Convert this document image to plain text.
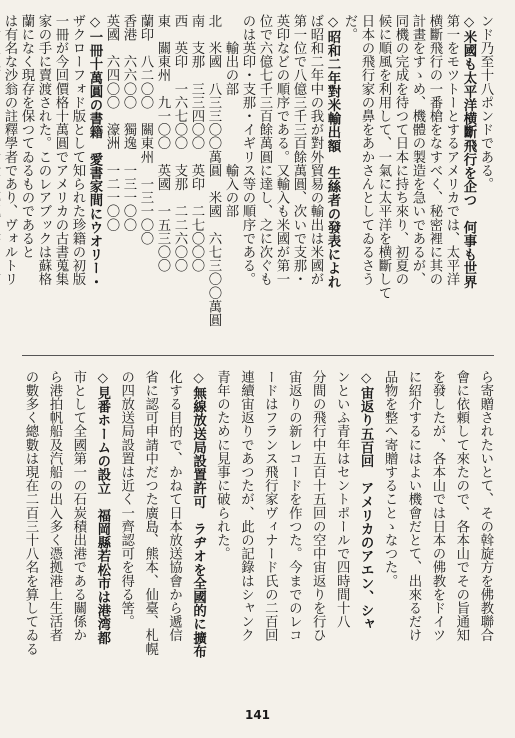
ンド乃至十八ポンドである。
◇米國も太平洋横斷飛行を企つ　何事も世界
第一をモツトーとするアメリカでは、太平洋
横斷飛行の一番槍をなすべく、秘密裡に其の
計畫をすゝめ、機體の製造を急いであるが、
同機の完成を待つて日本に持ち來り、初夏の
候に順風を利用して、一氣に太平洋を横斷して
日本の飛行家の鼻をあかさんとしてゐるさう
だ。
◇昭和二年對米輸出額　生絲者の發表によれ
ば昭和二年中の我が對外貿易の輸出は米國が
第一位で八億三千三百餘萬圓、次いで支那・
英印などの順序である。又輸入も米國が第一
位で六億七千三百餘萬圓に達し、之に次ぐも
のは英印・支那・イギリス等の順序である。
　　輸出の部　　　　　輸入の部
北　米國　八三三〇〇萬圓　米國　六七三〇〇萬圓
南　支那　三三四〇〇　英印　二七〇〇〇
西　英印　一六七〇〇　支那　二二六〇〇
東　關東州　九一〇〇　英國　一五三〇〇
蘭印　八二〇〇　關東州　一三一〇〇
香港　六六〇〇　獨逸　一三一〇〇
英國　六四〇〇　濠洲　一二一〇〇
◇一冊十萬圓の書籍　愛書家間にウオリー・
ザクローフォド版として知られた珍籍の初版
一冊が今回價格十萬圓でアメリカの古書蒐集
家の手に賣渡された。このレアブックは蘇格
蘭になく現存を保つてゐるものであると
は有名な沙翁の註釋學者であり、ヴォルトリ
ら寄贈されたいとて、その斡旋方を佛教聯合
會に依頼して來たので、各本山でその旨通知
を發したが、各本山では日本の佛教をドイツ
に紹介するにはよい機會だとて、出來るだけ
品物を整へ寄贈することゝなつた。
◇宙返り五百回　アメリカのアエン、シャ
ンといふ青年はセントポールで四時間十八
分間の飛行中五百十五回の空中宙返りを行ひ
宙返りの新レコードを作つた。今までのレコ
ードはフランス飛行家ヴィナード氏の二百回
連續宙返りであつたが、此の記錄はシャンク
青年のために見事に破られた。
◇無線放送局設置許可　ラヂオを全國的に擴布
化する目的で、かねて日本放送協會から遞信
省に認可申請中だつた廣島、熊本、仙臺、札幌
の四放送局設置は近く一齊認可を得る筈。
◇見番ホームの設立　福岡縣若松市は港湾都
市として全國第一の石炭積出港である關係か
ら港拍帆船及汽船の出入多く憑拠港上生活者
の數多く總數は現在二百三十八名を算してゐる
141
